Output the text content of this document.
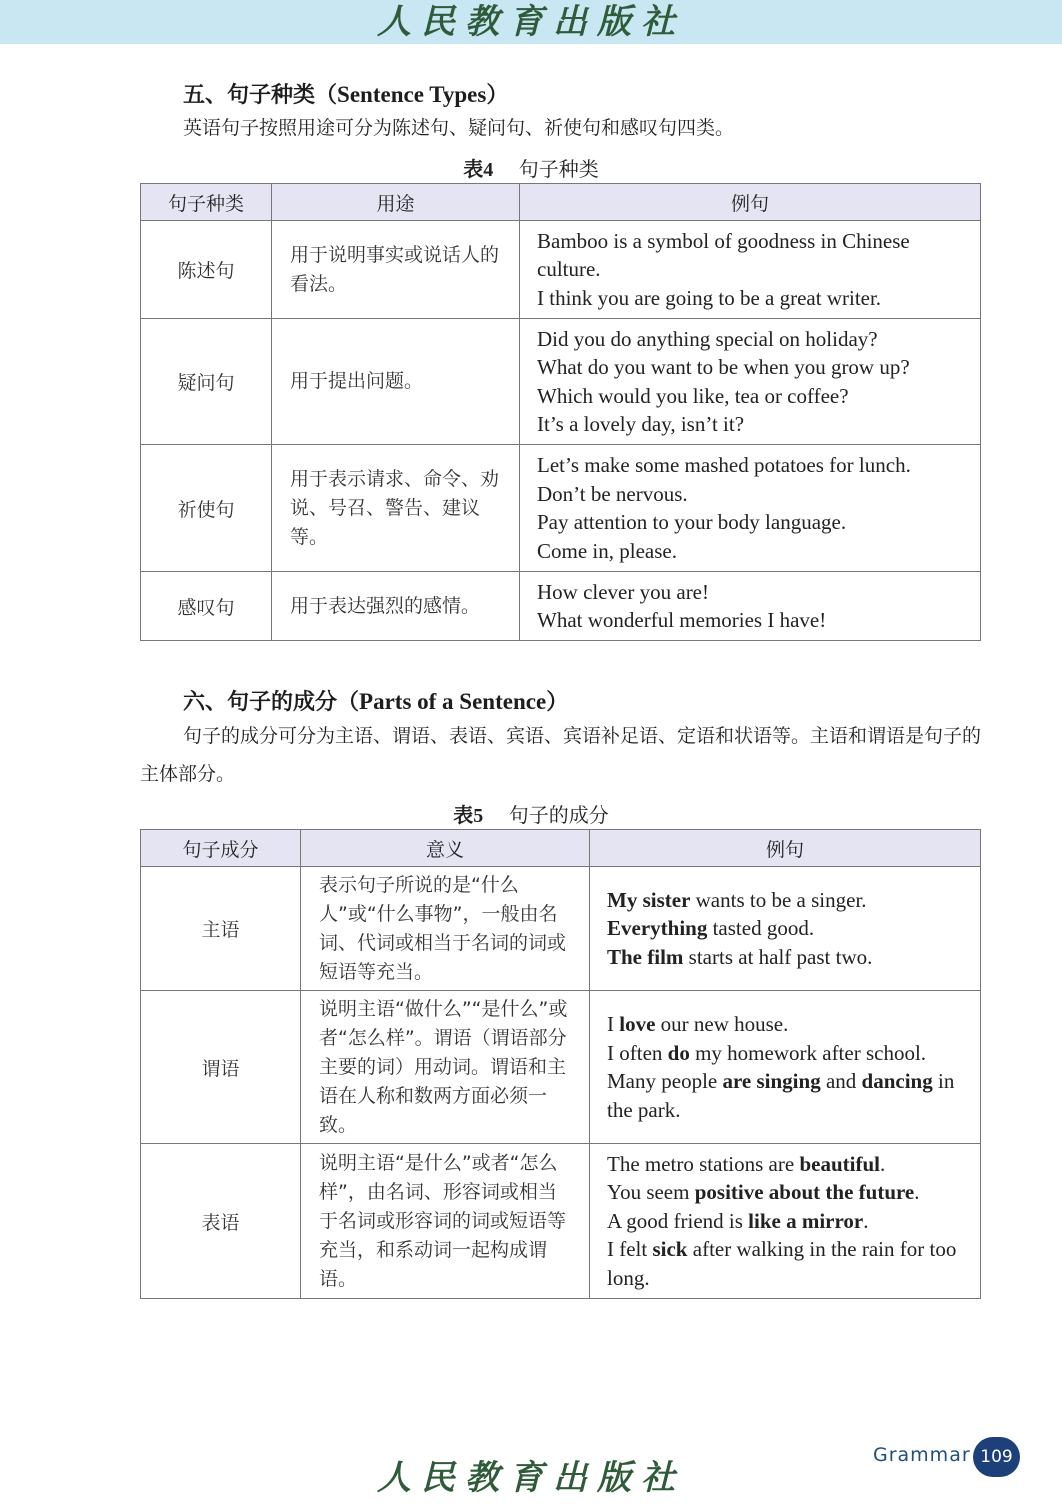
人民教育出版社
五、句子种类（Sentence Types）
英语句子按照用途可分为陈述句、疑问句、祈使句和感叹句四类。
表4 句子种类
句子种类	用途	例句
陈述句	用于说明事实或说话人的看法。	Bamboo is a symbol of goodness in Chinese culture.
I think you are going to be a great writer.

疑问句	用于提出问题。	Did you do anything special on holiday?
What do you want to be when you grow up?
Which would you like, tea or coffee?
It’s a lovely day, isn’t it?

祈使句	用于表示请求、命令、劝说、号召、警告、建议等。	Let’s make some mashed potatoes for lunch.
Don’t be nervous.
Pay attention to your body language.
Come in, please.

感叹句	用于表达强烈的感情。	How clever you are!
What wonderful memories I have!
六、句子的成分（Parts of a Sentence）
句子的成分可分为主语、谓语、表语、宾语、宾语补足语、定语和状语等。主语和谓语是句子的主体部分。
表5 句子的成分
句子成分	意义	例句
主语	表示句子所说的是“什么人”或“什么事物”，一般由名词、代词或相当于名词的词或短语等充当。	My sister wants to be a singer.
Everything tasted good.
The film starts at half past two.

谓语	说明主语“做什么”“是什么”或者“怎么样”。谓语（谓语部分主要的词）用动词。谓语和主语在人称和数两方面必须一致。	I love our new house.
I often do my homework after school.
Many people are singing and dancing in the park.

表语	说明主语“是什么”或者“怎么样”，由名词、形容词或相当于名词或形容词的词或短语等充当，和系动词一起构成谓语。	The metro stations are beautiful.
You seem positive about the future.
A good friend is like a mirror.
I felt sick after walking in the rain for too long.
Grammar 109
人民教育出版社
